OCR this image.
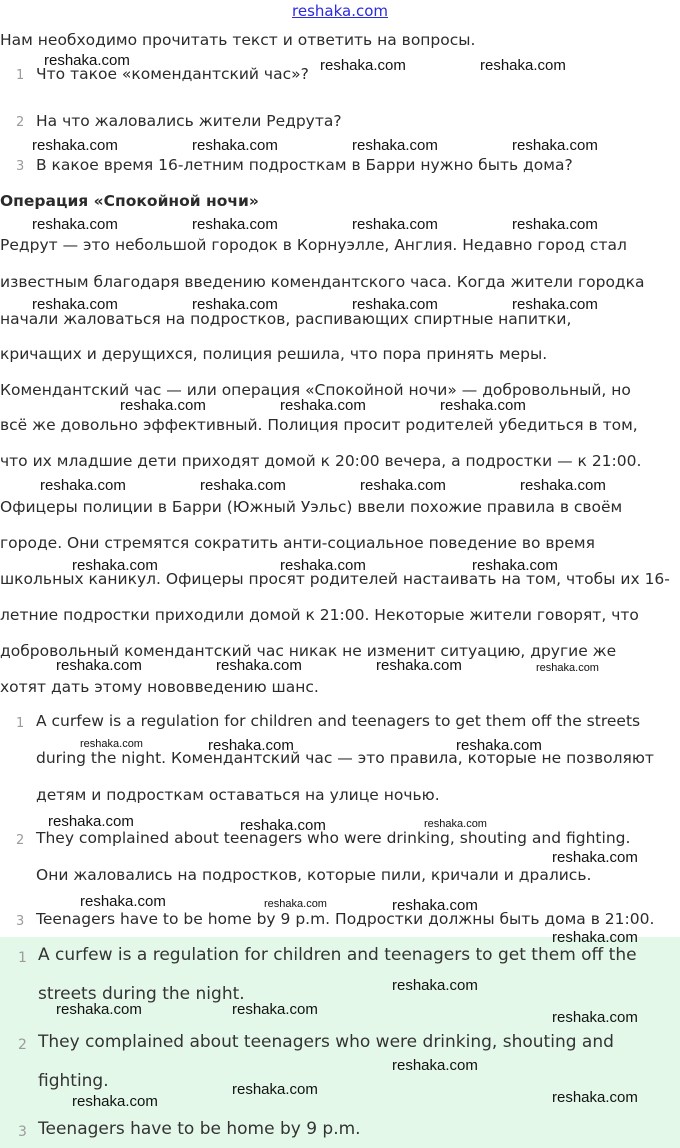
reshaka.com
Нам необходимо прочитать текст и ответить на вопросы.
1 Что такое «комендантский час»?
2 На что жаловались жители Редрута?
3 В какое время 16-летним подросткам в Барри нужно быть дома?
Операция «Спокойной ночи»
Редрут — это небольшой городок в Корнуэлле, Англия. Недавно город стал
известным благодаря введению комендантского часа. Когда жители городка
начали жаловаться на подростков, распивающих спиртные напитки,
кричащих и дерущихся, полиция решила, что пора принять меры.
Комендантский час — или операция «Спокойной ночи» — добровольный, но
всё же довольно эффективный. Полиция просит родителей убедиться в том,
что их младшие дети приходят домой к 20:00 вечера, а подростки — к 21:00.
Офицеры полиции в Барри (Южный Уэльс) ввели похожие правила в своём
городе. Они стремятся сократить анти-социальное поведение во время
школьных каникул. Офицеры просят родителей настаивать на том, чтобы их 16-
летние подростки приходили домой к 21:00. Некоторые жители говорят, что
добровольный комендантский час никак не изменит ситуацию, другие же
хотят дать этому нововведению шанс.
1 A curfew is a regulation for children and teenagers to get them off the streets
during the night. Комендантский час — это правила, которые не позволяют
детям и подросткам оставаться на улице ночью.
2 They complained about teenagers who were drinking, shouting and fighting.
Они жаловались на подростков, которые пили, кричали и дрались.
3 Teenagers have to be home by 9 p.m. Подростки должны быть дома в 21:00.
1 A curfew is a regulation for children and teenagers to get them off the
streets during the night.
2 They complained about teenagers who were drinking, shouting and
fighting.
3 Teenagers have to be home by 9 p.m.
reshaka.com	reshaka.com	reshaka.com
reshaka.com	reshaka.com	reshaka.com	reshaka.com
reshaka.com	reshaka.com	reshaka.com	reshaka.com
reshaka.com	reshaka.com	reshaka.com	reshaka.com
reshaka.com	reshaka.com	reshaka.com
reshaka.com	reshaka.com	reshaka.com	reshaka.com
reshaka.com	reshaka.com	reshaka.com
reshaka.com	reshaka.com	reshaka.com	reshaka.com
reshaka.com	reshaka.com	reshaka.com
reshaka.com	reshaka.com	reshaka.com
reshaka.com
reshaka.com	reshaka.com	reshaka.com
reshaka.com
reshaka.com
reshaka.com	reshaka.com	reshaka.com
reshaka.com
reshaka.com
reshaka.com	reshaka.com
